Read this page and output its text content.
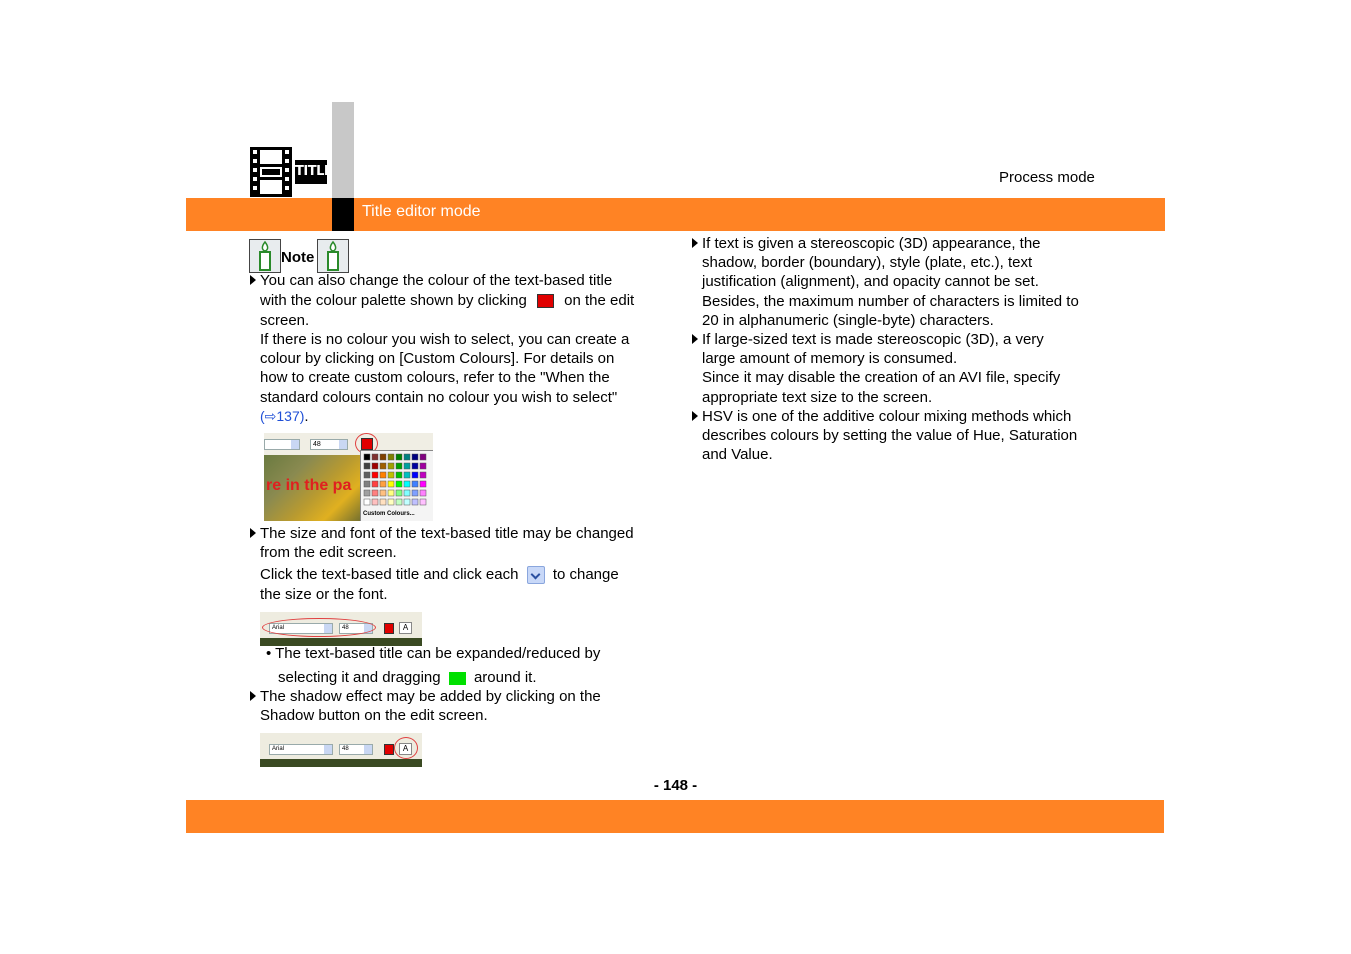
TITLE	Process mode
Title editor mode
Note
You can also change the colour of the text-based title
with the colour palette shown by clicking on the edit
screen.
If there is no colour you wish to select, you can create a
colour by clicking on [Custom Colours]. For details on
how to create custom colours, refer to the "When the
standard colours contain no colour you wish to select"
(⇨137).
48
re in the pa
Custom Colours...
The size and font of the text-based title may be changed
from the edit screen.
Click the text-based title and click each to change
the size or the font.
Arial	48	A
• The text-based title can be expanded/reduced by
selecting it and dragging around it.
The shadow effect may be added by clicking on the
Shadow button on the edit screen.
Arial	48	A
If text is given a stereoscopic (3D) appearance, the
shadow, border (boundary), style (plate, etc.), text
justification (alignment), and opacity cannot be set.
Besides, the maximum number of characters is limited to
20 in alphanumeric (single-byte) characters.
If large-sized text is made stereoscopic (3D), a very
large amount of memory is consumed.
Since it may disable the creation of an AVI file, specify
appropriate text size to the screen.
HSV is one of the additive colour mixing methods which
describes colours by setting the value of Hue, Saturation
and Value.
- 148 -
